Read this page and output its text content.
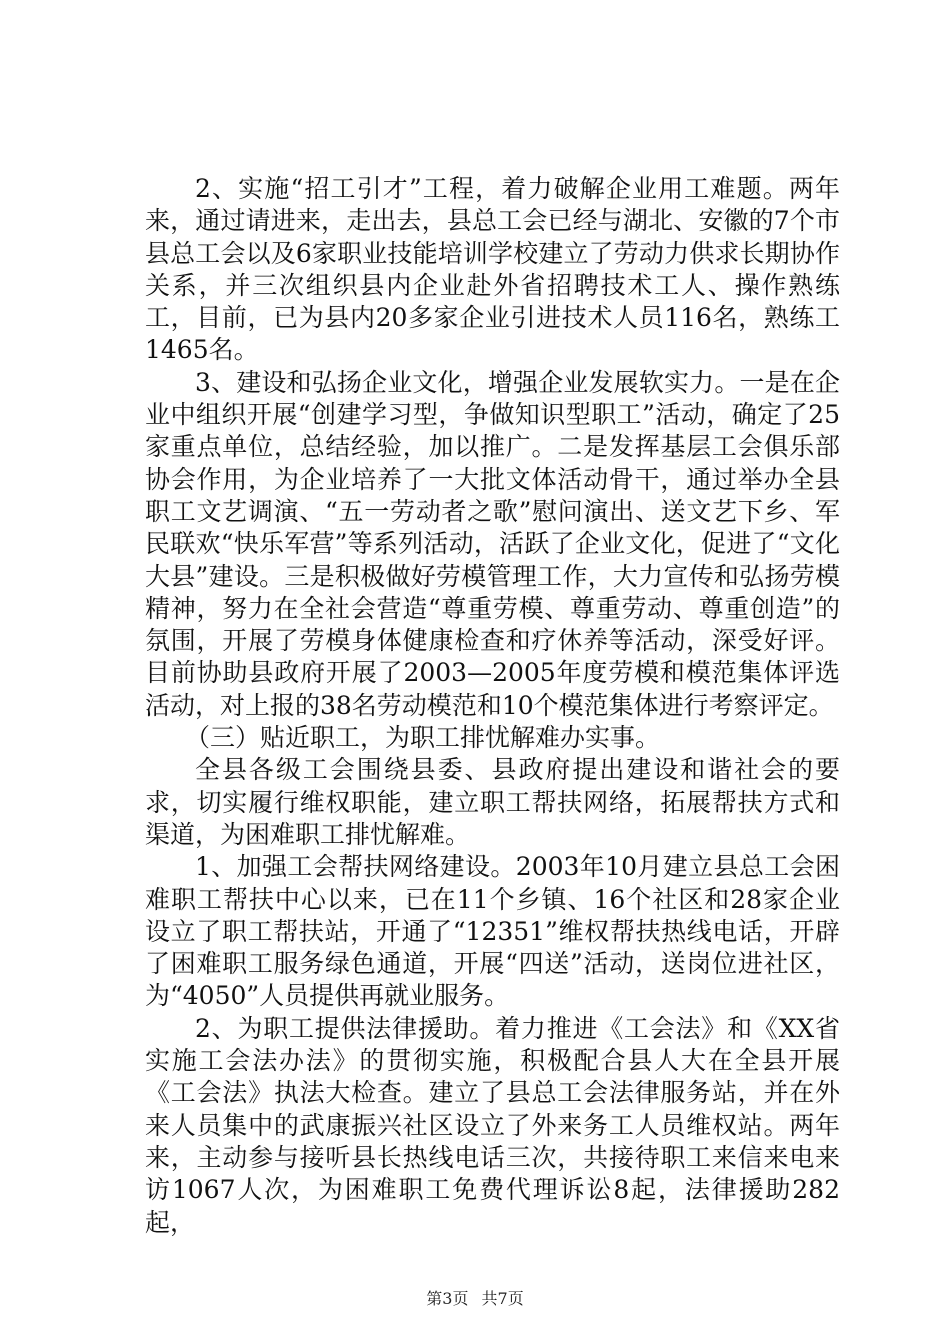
2、实施“招工引才”工程，着力破解企业用工难题。两年来，通过请进来，走出去，县总工会已经与湖北、安徽的7个市县总工会以及6家职业技能培训学校建立了劳动力供求长期协作关系，并三次组织县内企业赴外省招聘技术工人、操作熟练工，目前，已为县内20多家企业引进技术人员116名，熟练工1465名。

3、建设和弘扬企业文化，增强企业发展软实力。一是在企业中组织开展“创建学习型，争做知识型职工”活动，确定了25家重点单位，总结经验，加以推广。二是发挥基层工会俱乐部协会作用，为企业培养了一大批文体活动骨干，通过举办全县职工文艺调演、“五一劳动者之歌”慰问演出、送文艺下乡、军民联欢“快乐军营”等系列活动，活跃了企业文化，促进了“文化大县”建设。三是积极做好劳模管理工作，大力宣传和弘扬劳模精神，努力在全社会营造“尊重劳模、尊重劳动、尊重创造”的氛围，开展了劳模身体健康检查和疗休养等活动，深受好评。目前协助县政府开展了2003—2005年度劳模和模范集体评选活动，对上报的38名劳动模范和10个模范集体进行考察评定。

（三）贴近职工，为职工排忧解难办实事。

全县各级工会围绕县委、县政府提出建设和谐社会的要求，切实履行维权职能，建立职工帮扶网络，拓展帮扶方式和渠道，为困难职工排忧解难。

1、加强工会帮扶网络建设。2003年10月建立县总工会困难职工帮扶中心以来，已在11个乡镇、16个社区和28家企业设立了职工帮扶站，开通了“12351”维权帮扶热线电话，开辟了困难职工服务绿色通道，开展“四送”活动，送岗位进社区，为“4050”人员提供再就业服务。

2、为职工提供法律援助。着力推进《工会法》和《XX省实施工会法办法》的贯彻实施，积极配合县人大在全县开展《工会法》执法大检查。建立了县总工会法律服务站，并在外来人员集中的武康振兴社区设立了外来务工人员维权站。两年来，主动参与接听县长热线电话三次，共接待职工来信来电来访1067人次，为困难职工免费代理诉讼8起，法律援助282起，

第3页 共7页
